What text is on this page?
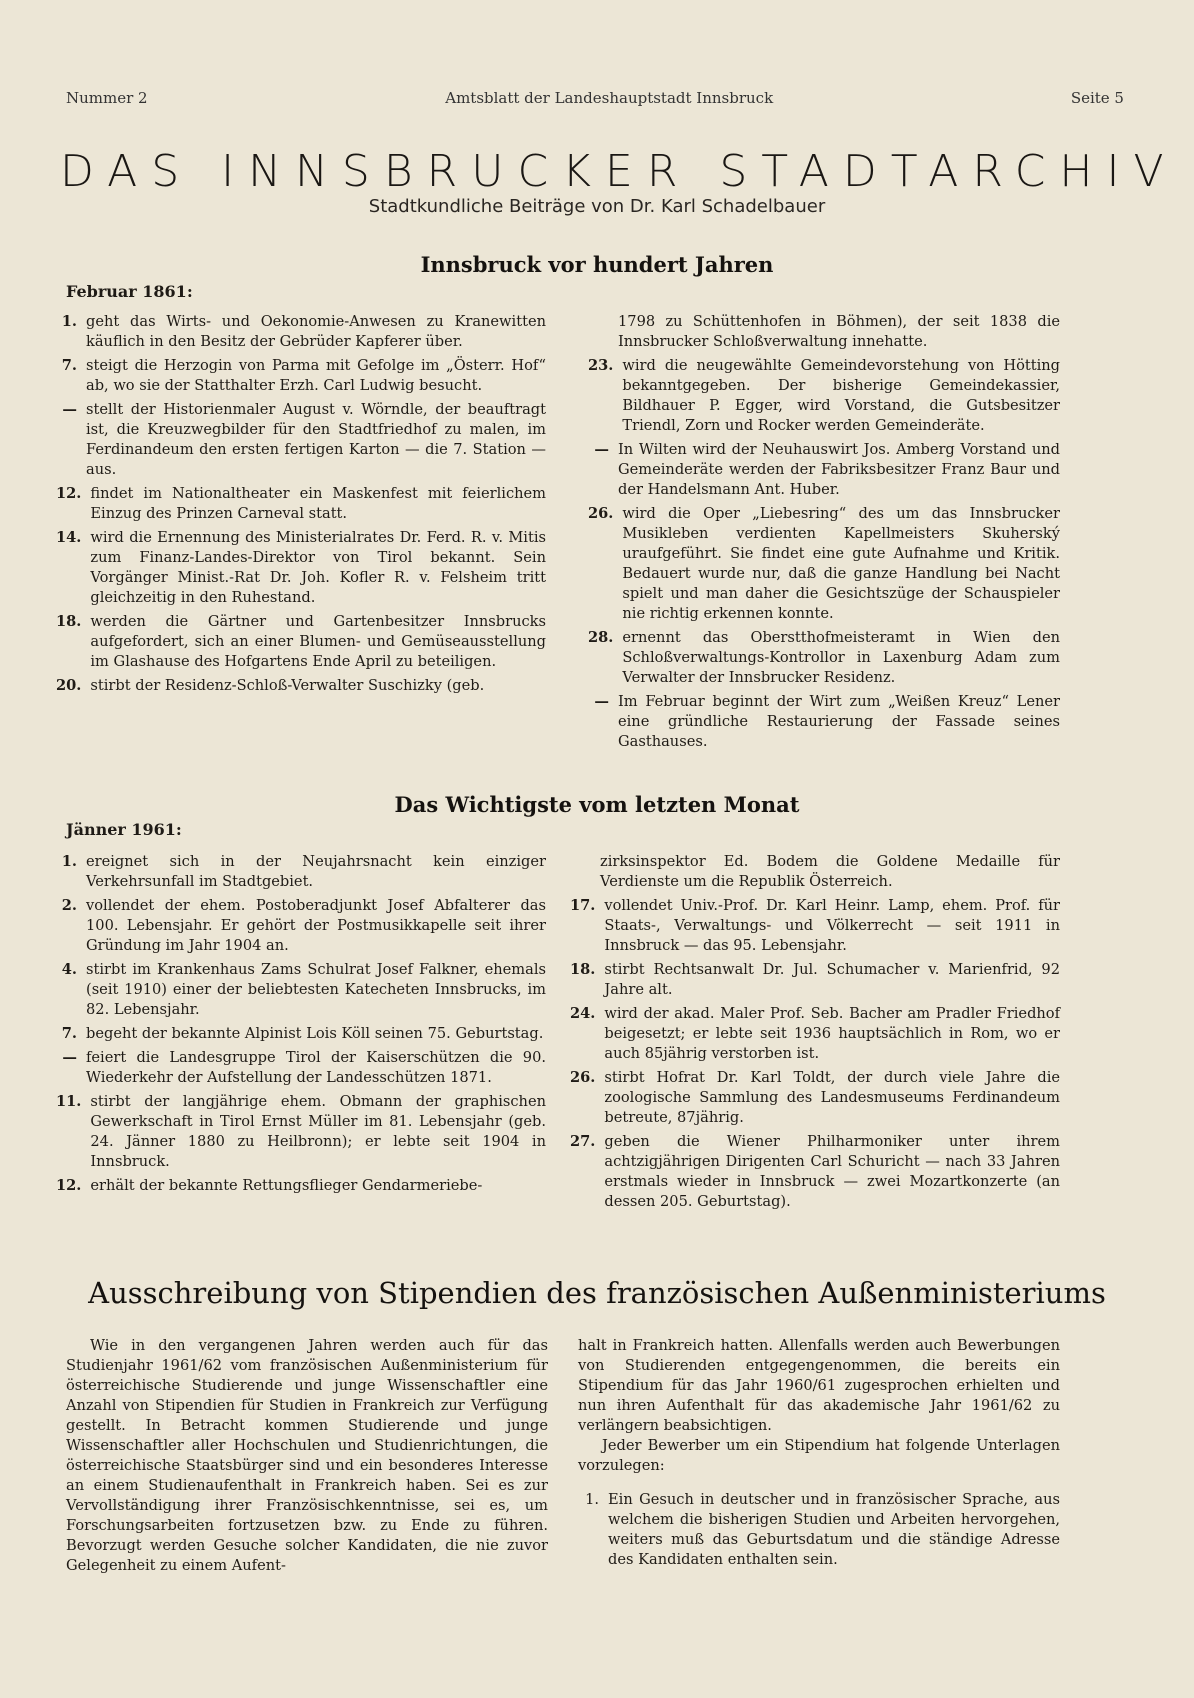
Nummer 2	Amtsblatt der Landeshauptstadt Innsbruck	Seite 5
DAS INNSBRUCKER STADTARCHIV
Stadtkundliche Beiträge von Dr. Karl Schadelbauer
Innsbruck vor hundert Jahren
Februar 1861:
1. geht das Wirts- und Oekonomie-Anwesen zu Kranewitten käuflich in den Besitz der Gebrüder Kapferer über.
7. steigt die Herzogin von Parma mit Gefolge im „Österr. Hof“ ab, wo sie der Statthalter Erzh. Carl Ludwig besucht.
— stellt der Historienmaler August v. Wörndle, der beauftragt ist, die Kreuzwegbilder für den Stadtfriedhof zu malen, im Ferdinandeum den ersten fertigen Karton — die 7. Station — aus.
12. findet im Nationaltheater ein Maskenfest mit feierlichem Einzug des Prinzen Carneval statt.
14. wird die Ernennung des Ministerialrates Dr. Ferd. R. v. Mitis zum Finanz-Landes-Direktor von Tirol bekannt. Sein Vorgänger Minist.-Rat Dr. Joh. Kofler R. v. Felsheim tritt gleichzeitig in den Ruhestand.
18. werden die Gärtner und Gartenbesitzer Innsbrucks aufgefordert, sich an einer Blumen- und Gemüseausstellung im Glashause des Hofgartens Ende April zu beteiligen.
20. stirbt der Residenz-Schloß-Verwalter Suschizky (geb.
1798 zu Schüttenhofen in Böhmen), der seit 1838 die Innsbrucker Schloßverwaltung innehatte.
23. wird die neugewählte Gemeindevorstehung von Hötting bekanntgegeben. Der bisherige Gemeindekassier, Bildhauer P. Egger, wird Vorstand, die Gutsbesitzer Triendl, Zorn und Rocker werden Gemeinderäte.
— In Wilten wird der Neuhauswirt Jos. Amberg Vorstand und Gemeinderäte werden der Fabriksbesitzer Franz Baur und der Handelsmann Ant. Huber.
26. wird die Oper „Liebesring“ des um das Innsbrucker Musikleben verdienten Kapellmeisters Skuherský uraufgeführt. Sie findet eine gute Aufnahme und Kritik. Bedauert wurde nur, daß die ganze Handlung bei Nacht spielt und man daher die Gesichtszüge der Schauspieler nie richtig erkennen konnte.
28. ernennt das Oberstthofmeisteramt in Wien den Schloßverwaltungs-Kontrollor in Laxenburg Adam zum Verwalter der Innsbrucker Residenz.
— Im Februar beginnt der Wirt zum „Weißen Kreuz“ Lener eine gründliche Restaurierung der Fassade seines Gasthauses.
Das Wichtigste vom letzten Monat
Jänner 1961:
1. ereignet sich in der Neujahrsnacht kein einziger Verkehrsunfall im Stadtgebiet.
2. vollendet der ehem. Postoberadjunkt Josef Abfalterer das 100. Lebensjahr. Er gehört der Postmusikkapelle seit ihrer Gründung im Jahr 1904 an.
4. stirbt im Krankenhaus Zams Schulrat Josef Falkner, ehemals (seit 1910) einer der beliebtesten Katecheten Innsbrucks, im 82. Lebensjahr.
7. begeht der bekannte Alpinist Lois Köll seinen 75. Geburtstag.
— feiert die Landesgruppe Tirol der Kaiserschützen die 90. Wiederkehr der Aufstellung der Landesschützen 1871.
11. stirbt der langjährige ehem. Obmann der graphischen Gewerkschaft in Tirol Ernst Müller im 81. Lebensjahr (geb. 24. Jänner 1880 zu Heilbronn); er lebte seit 1904 in Innsbruck.
12. erhält der bekannte Rettungsflieger Gendarmeriebe-
zirksinspektor Ed. Bodem die Goldene Medaille für Verdienste um die Republik Österreich.
17. vollendet Univ.-Prof. Dr. Karl Heinr. Lamp, ehem. Prof. für Staats-, Verwaltungs- und Völkerrecht — seit 1911 in Innsbruck — das 95. Lebensjahr.
18. stirbt Rechtsanwalt Dr. Jul. Schumacher v. Marienfrid, 92 Jahre alt.
24. wird der akad. Maler Prof. Seb. Bacher am Pradler Friedhof beigesetzt; er lebte seit 1936 hauptsächlich in Rom, wo er auch 85jährig verstorben ist.
26. stirbt Hofrat Dr. Karl Toldt, der durch viele Jahre die zoologische Sammlung des Landesmuseums Ferdinandeum betreute, 87jährig.
27. geben die Wiener Philharmoniker unter ihrem achtzigjährigen Dirigenten Carl Schuricht — nach 33 Jahren erstmals wieder in Innsbruck — zwei Mozartkonzerte (an dessen 205. Geburtstag).
Ausschreibung von Stipendien des französischen Außenministeriums

Wie in den vergangenen Jahren werden auch für das Studienjahr 1961/62 vom französischen Außenministerium für österreichische Studierende und junge Wissenschaftler eine Anzahl von Stipendien für Studien in Frankreich zur Verfügung gestellt. In Betracht kommen Studierende und junge Wissenschaftler aller Hochschulen und Studienrichtungen, die österreichische Staatsbürger sind und ein besonderes Interesse an einem Studienaufenthalt in Frankreich haben. Sei es zur Vervollständigung ihrer Französischkenntnisse, sei es, um Forschungsarbeiten fortzusetzen bzw. zu Ende zu führen. Bevorzugt werden Gesuche solcher Kandidaten, die nie zuvor Gelegenheit zu einem Aufent-

halt in Frankreich hatten. Allenfalls werden auch Bewerbungen von Studierenden entgegengenommen, die bereits ein Stipendium für das Jahr 1960/61 zugesprochen erhielten und nun ihren Aufenthalt für das akademische Jahr 1961/62 zu verlängern beabsichtigen.

Jeder Bewerber um ein Stipendium hat folgende Unterlagen vorzulegen:

1. Ein Gesuch in deutscher und in französischer Sprache, aus welchem die bisherigen Studien und Arbeiten hervorgehen, weiters muß das Geburtsdatum und die ständige Adresse des Kandidaten enthalten sein.
